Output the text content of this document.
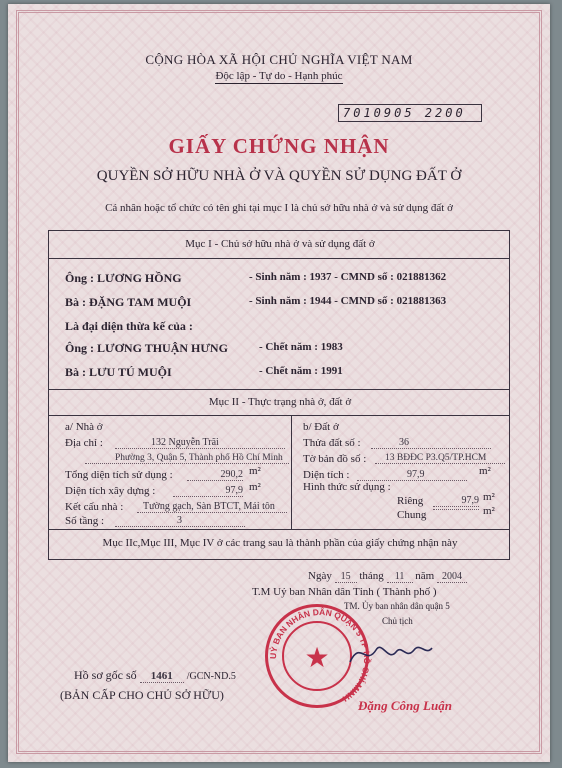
CỘNG HÒA XÃ HỘI CHỦ NGHĨA VIỆT NAM
Độc lập - Tự do - Hạnh phúc
7010905 2200
GIẤY CHỨNG NHẬN
QUYỀN SỞ HỮU NHÀ Ở VÀ QUYỀN SỬ DỤNG ĐẤT Ở
Cá nhân hoặc tổ chức có tên ghi tại mục I là chủ sở hữu nhà ở và sử dụng đất ở
Mục I - Chủ sở hữu nhà ở và sử dụng đất ở
Ông : LƯƠNG HỒNG	- Sinh năm : 1937 - CMND số : 021881362
Bà : ĐẶNG TAM MUỘI	- Sinh năm : 1944 - CMND số : 021881363
Là đại diện thừa kế của :
Ông : LƯƠNG THUẬN HƯNG	- Chết năm : 1983
Bà : LƯU TÚ MUỘI	- Chết năm : 1991
Mục II - Thực trạng nhà ở, đất ở
a/ Nhà ở
Địa chỉ :	132 Nguyễn Trãi
Phường 3, Quận 5, Thành phố Hồ Chí Minh
Tổng diện tích sử dụng :	290,2 m²
Diện tích xây dựng :	97,9 m²
Kết cấu nhà :	Tường gạch, Sàn BTCT, Mái tôn
Số tầng :	3
b/ Đất ở
Thửa đất số :	36
Tờ bản đồ số :	13 BĐĐC P3.Q5/TP.HCM
Diện tích :	97,9	m²
Hình thức sử dụng :
Riêng	97,9 m²
Chung	m²
Mục IIc,Mục III, Mục IV ở các trang sau là thành phần của giấy chứng nhận này
Ngày 15 tháng 11 năm 2004
T.M Uỷ ban Nhân dân Tỉnh ( Thành phố )
TM. Ủy ban nhân dân quận 5
Chủ tịch
UỶ BAN NHÂN DÂN QUẬN 5 TP HỒ CHÍ MINH
★
Đặng Công Luận
Hồ sơ gốc số 1461 /GCN-ND.5
(BẢN CẤP CHO CHỦ SỞ HỮU)
